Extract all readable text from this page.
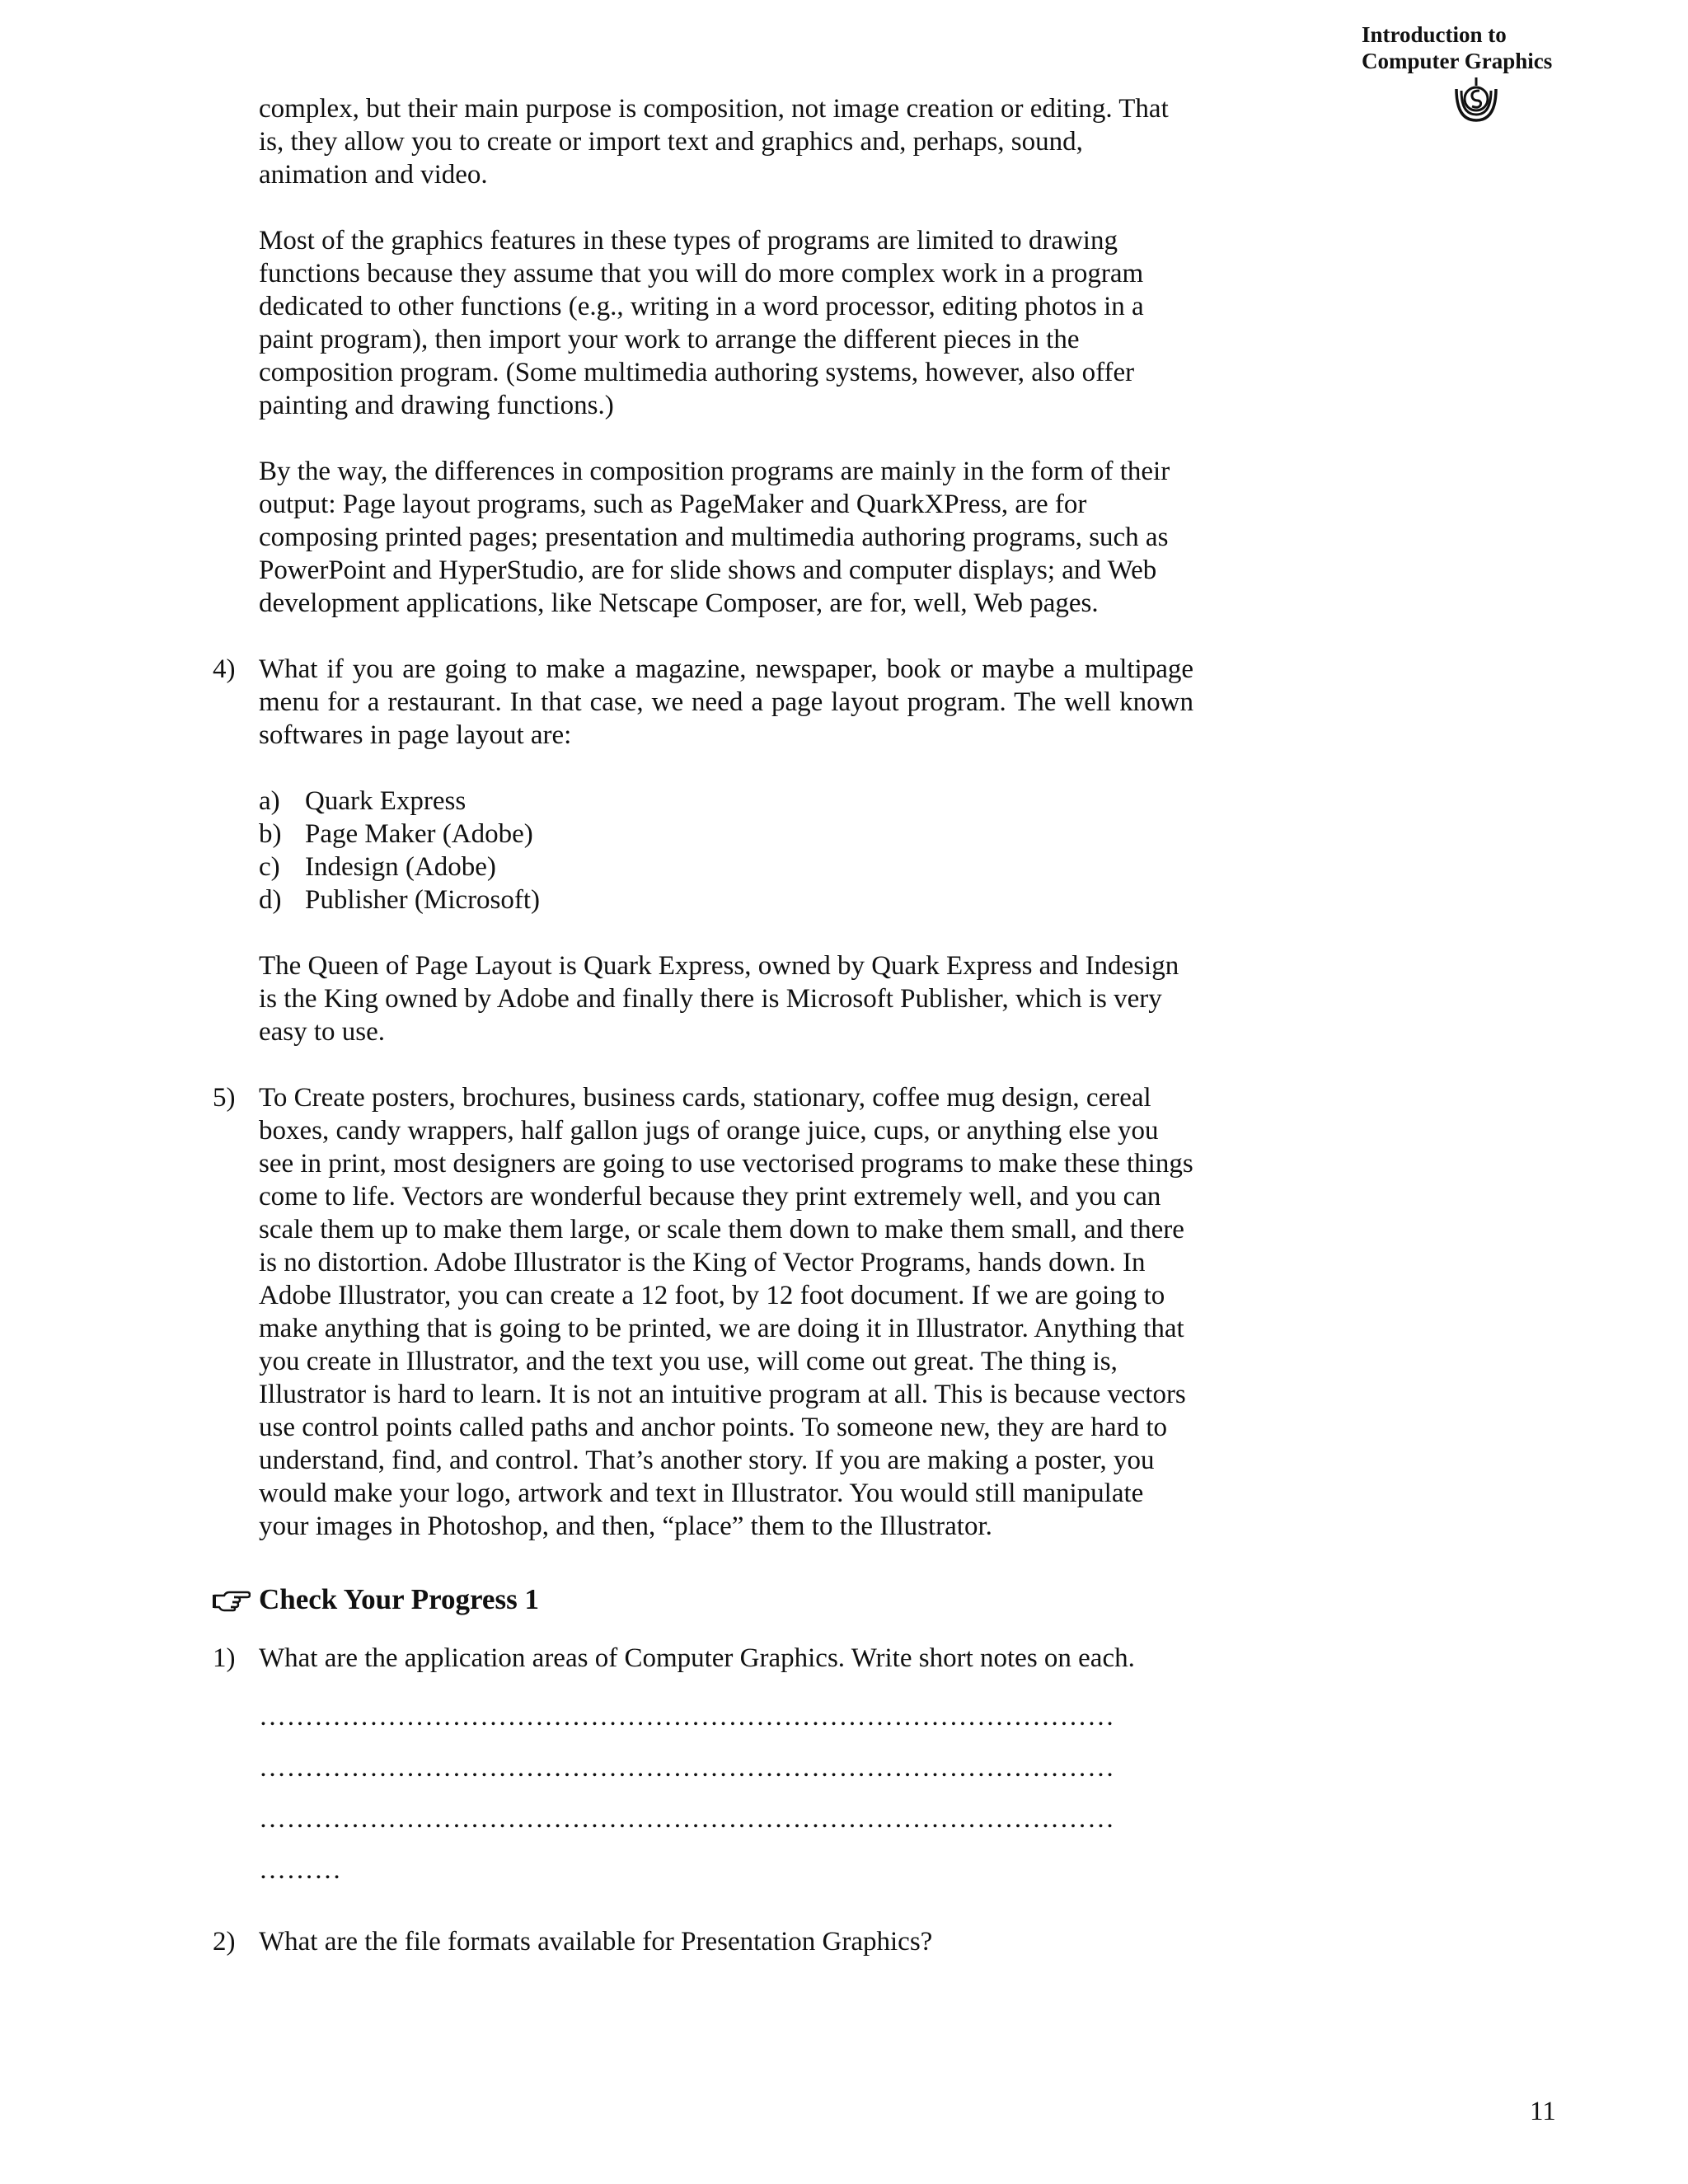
Introduction to
Computer Graphics

complex, but their main purpose is composition, not image creation or editing. That is, they allow you to create or import text and graphics and, perhaps, sound, animation and video.

Most of the graphics features in these types of programs are limited to drawing functions because they assume that you will do more complex work in a program dedicated to other functions (e.g., writing in a word processor, editing photos in a paint program), then import your work to arrange the different pieces in the composition program. (Some multimedia authoring systems, however, also offer painting and drawing functions.)

By the way, the differences in composition programs are mainly in the form of their output: Page layout programs, such as PageMaker and QuarkXPress, are for composing printed pages; presentation and multimedia authoring programs, such as PowerPoint and HyperStudio, are for slide shows and computer displays; and Web development applications, like Netscape Composer, are for, well, Web pages.

4) What if you are going to make a magazine, newspaper, book or maybe a multipage menu for a restaurant. In that case, we need a page layout program. The well known softwares in page layout are:

a) Quark Express
b) Page Maker (Adobe)
c) Indesign (Adobe)
d) Publisher (Microsoft)

The Queen of Page Layout is Quark Express, owned by Quark Express and Indesign is the King owned by Adobe and finally there is Microsoft Publisher, which is very easy to use.

5) To Create posters, brochures, business cards, stationary, coffee mug design, cereal boxes, candy wrappers, half gallon jugs of orange juice, cups, or anything else you see in print, most designers are going to use vectorised programs to make these things come to life. Vectors are wonderful because they print extremely well, and you can scale them up to make them large, or scale them down to make them small, and there is no distortion. Adobe Illustrator is the King of Vector Programs, hands down. In Adobe Illustrator, you can create a 12 foot, by 12 foot document. If we are going to make anything that is going to be printed, we are doing it in Illustrator. Anything that you create in Illustrator, and the text you use, will come out great. The thing is, Illustrator is hard to learn. It is not an intuitive program at all. This is because vectors use control points called paths and anchor points. To someone new, they are hard to understand, find, and control. That’s another story. If you are making a poster, you would make your logo, artwork and text in Illustrator. You would still manipulate your images in Photoshop, and then, “place” them to the Illustrator.

Check Your Progress 1
1) What are the application areas of Computer Graphics. Write short notes on each.
…………………………………………………………………………………
…………………………………………………………………………………
…………………………………………………………………………………
………
2) What are the file formats available for Presentation Graphics?
11
